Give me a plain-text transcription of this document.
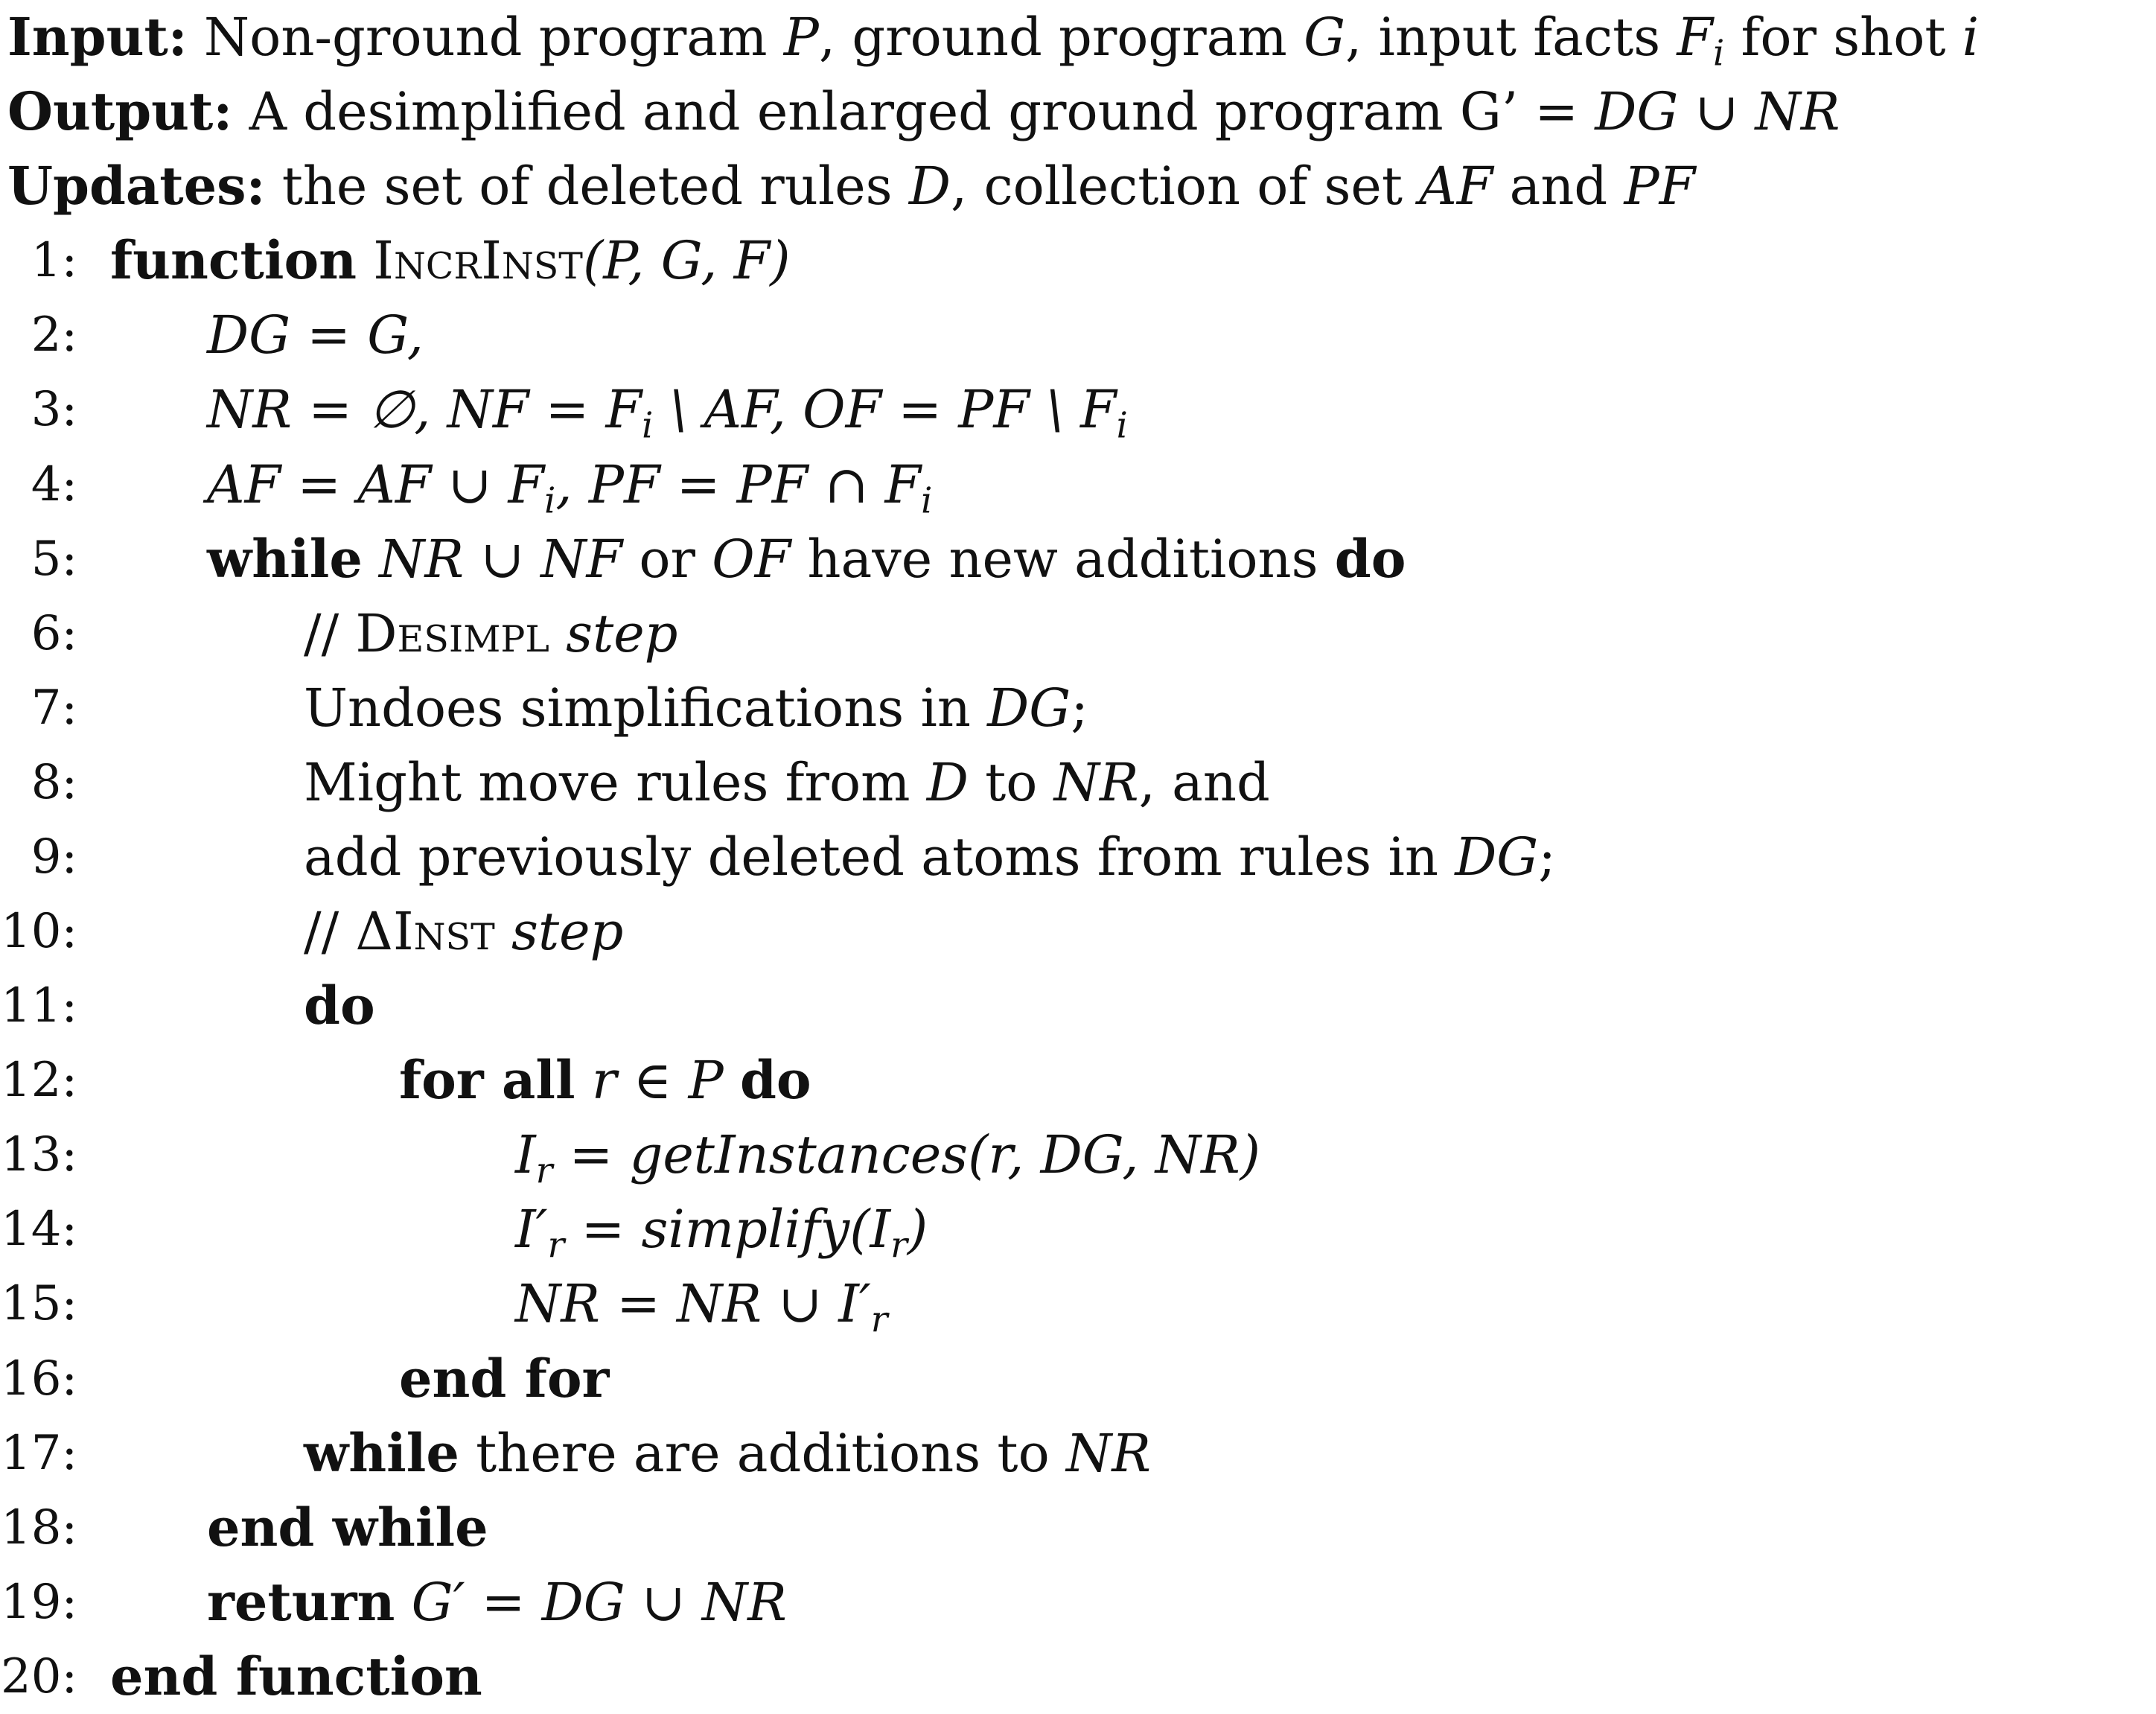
Input: Non-ground program P, ground program G, input facts $F_i$ for shot i
Output: A desimplified and enlarged ground program G’ = DG ∪ NR
Updates: the set of deleted rules D, collection of set AF and PF
1: function IncrInst(P, G, F)
2: DG = G,
3: NR = ∅, NF = $F_i$ \ AF, OF = PF \ $F_i$
4: AF = AF ∪ $F_i$, PF = PF ∩ $F_i$
5: while NR ∪ NF or OF have new additions do
6:	// Desimpl step
7:	Undoes simplifications in DG;
8:	Might move rules from D to NR, and
9:	add previously deleted atoms from rules in DG;
10:	// ΔInst step
11:	do
12:	for all r ∈ P do
13:	$I_r$ = getInstances(r, DG, NR)
14:	$I'_r$ = $simplify(I_r)$
15:	NR = NR ∪ $I'_r$
16:	end for
17:	while there are additions to NR
18: end while
19: return G′ = DG ∪ NR
20: end function
